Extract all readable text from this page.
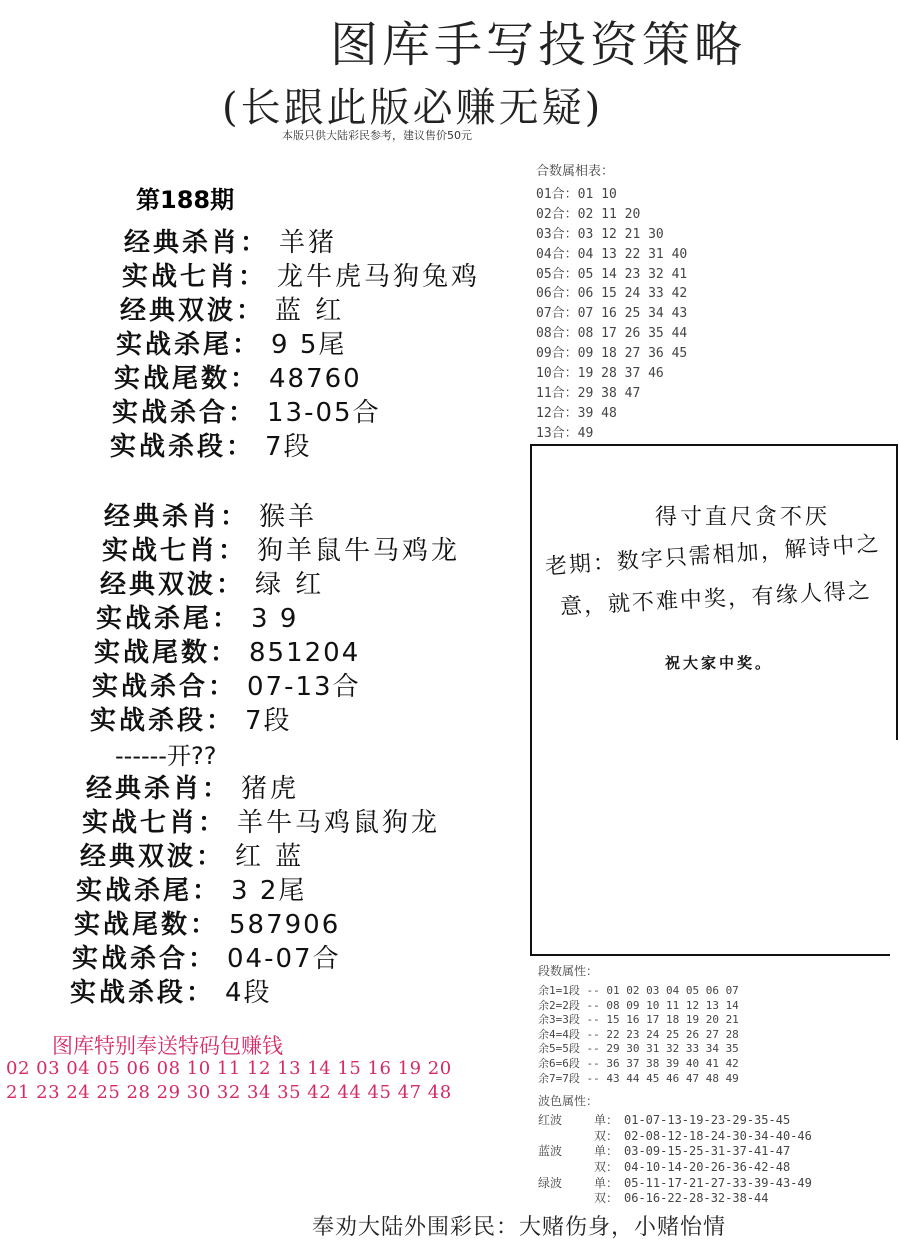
图库手写投资策略
(长跟此版必赚无疑)
本版只供大陆彩民参考，建议售价50元
第188期
经典杀肖： 羊猪
实战七肖： 龙牛虎马狗兔鸡
经典双波： 蓝 红
实战杀尾： 9 5尾
实战尾数： 48760
实战杀合： 13-05合
实战杀段： 7段
经典杀肖： 猴羊
实战七肖： 狗羊鼠牛马鸡龙
经典双波： 绿 红
实战杀尾： 3 9
实战尾数： 851204
实战杀合： 07-13合
实战杀段： 7段
------开??
经典杀肖： 猪虎
实战七肖： 羊牛马鸡鼠狗龙
经典双波： 红 蓝
实战杀尾： 3 2尾
实战尾数： 587906
实战杀合： 04-07合
实战杀段： 4段
合数属相表：
01合：01 10
02合：02 11 20
03合：03 12 21 30
04合：04 13 22 31 40
05合：05 14 23 32 41
06合：06 15 24 33 42
07合：07 16 25 34 43
08合：08 17 26 35 44
09合：09 18 27 36 45
10合：19 28 37 46
11合：29 38 47
12合：39 48
13合：49
得寸直尺贪不厌
老期：数字只需相加，解诗中之
意，就不难中奖，有缘人得之
祝大家中奖。
段数属性：
余1=1段 -- 01 02 03 04 05 06 07
余2=2段 -- 08 09 10 11 12 13 14
余3=3段 -- 15 16 17 18 19 20 21
余4=4段 -- 22 23 24 25 26 27 28
余5=5段 -- 29 30 31 32 33 34 35
余6=6段 -- 36 37 38 39 40 41 42
余7=7段 -- 43 44 45 46 47 48 49
波色属性：
红波	单： 01-07-13-19-23-29-35-45
双： 02-08-12-18-24-30-34-40-46
蓝波	单： 03-09-15-25-31-37-41-47
双： 04-10-14-20-26-36-42-48
绿波	单： 05-11-17-21-27-33-39-43-49
双： 06-16-22-28-32-38-44
图库特别奉送特码包赚钱
02 03 04 05 06 08 10 11 12 13 14 15 16 19 20
21 23 24 25 28 29 30 32 34 35 42 44 45 47 48
奉劝大陆外围彩民：大赌伤身，小赌怡情
